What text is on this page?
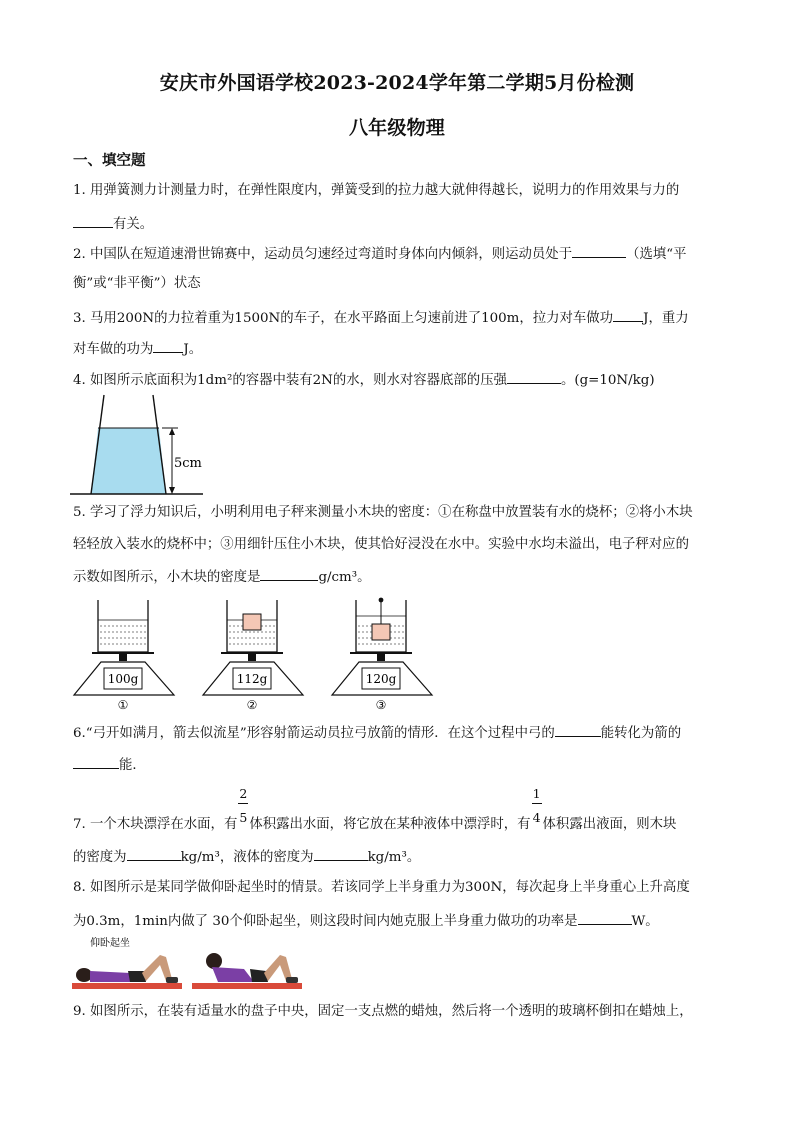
安庆市外国语学校2023-2024学年第二学期5月份检测
八年级物理
一、填空题
1. 用弹簧测力计测量力时，在弹性限度内，弹簧受到的拉力越大就伸得越长，说明力的作用效果与力的
有关。
2. 中国队在短道速滑世锦赛中，运动员匀速经过弯道时身体向内倾斜，则运动员处于	（选填“平
衡”或“非平衡”）状态
3. 马用200N的力拉着重为1500N的车子，在水平路面上匀速前进了100m，拉力对车做功 J，重力
对车做的功为 J。
4. 如图所示底面积为1dm²的容器中装有2N的水，则水对容器底部的压强	。(g=10N/kg)
5cm
5. 学习了浮力知识后，小明利用电子秤来测量小木块的密度：①在称盘中放置装有水的烧杯；②将小木块
轻轻放入装水的烧杯中；③用细针压住小木块，使其恰好浸没在水中。实验中水均未溢出，电子秤对应的
示数如图所示，小木块的密度是	g/cm³。
100g
①
112g
②
120g
③
6.“弓开如满月，箭去似流星”形容射箭运动员拉弓放箭的情形．在这个过程中弓的	能转化为箭的
能．
7. 一个木块漂浮在水面，有 $\frac{2}{5}$ 体积露出水面，将它放在某种液体中漂浮时，有 $\frac{1}{4}$ 体积露出液面，则木块
的密度为	kg/m³，液体的密度为	kg/m³。
8. 如图所示是某同学做仰卧起坐时的情景。若该同学上半身重力为300N，每次起身上半身重心上升高度
为0.3m，1min内做了 30个仰卧起坐，则这段时间内她克服上半身重力做功的功率是	W。
仰卧起坐
9. 如图所示，在装有适量水的盘子中央，固定一支点燃的蜡烛，然后将一个透明的玻璃杯倒扣在蜡烛上，
